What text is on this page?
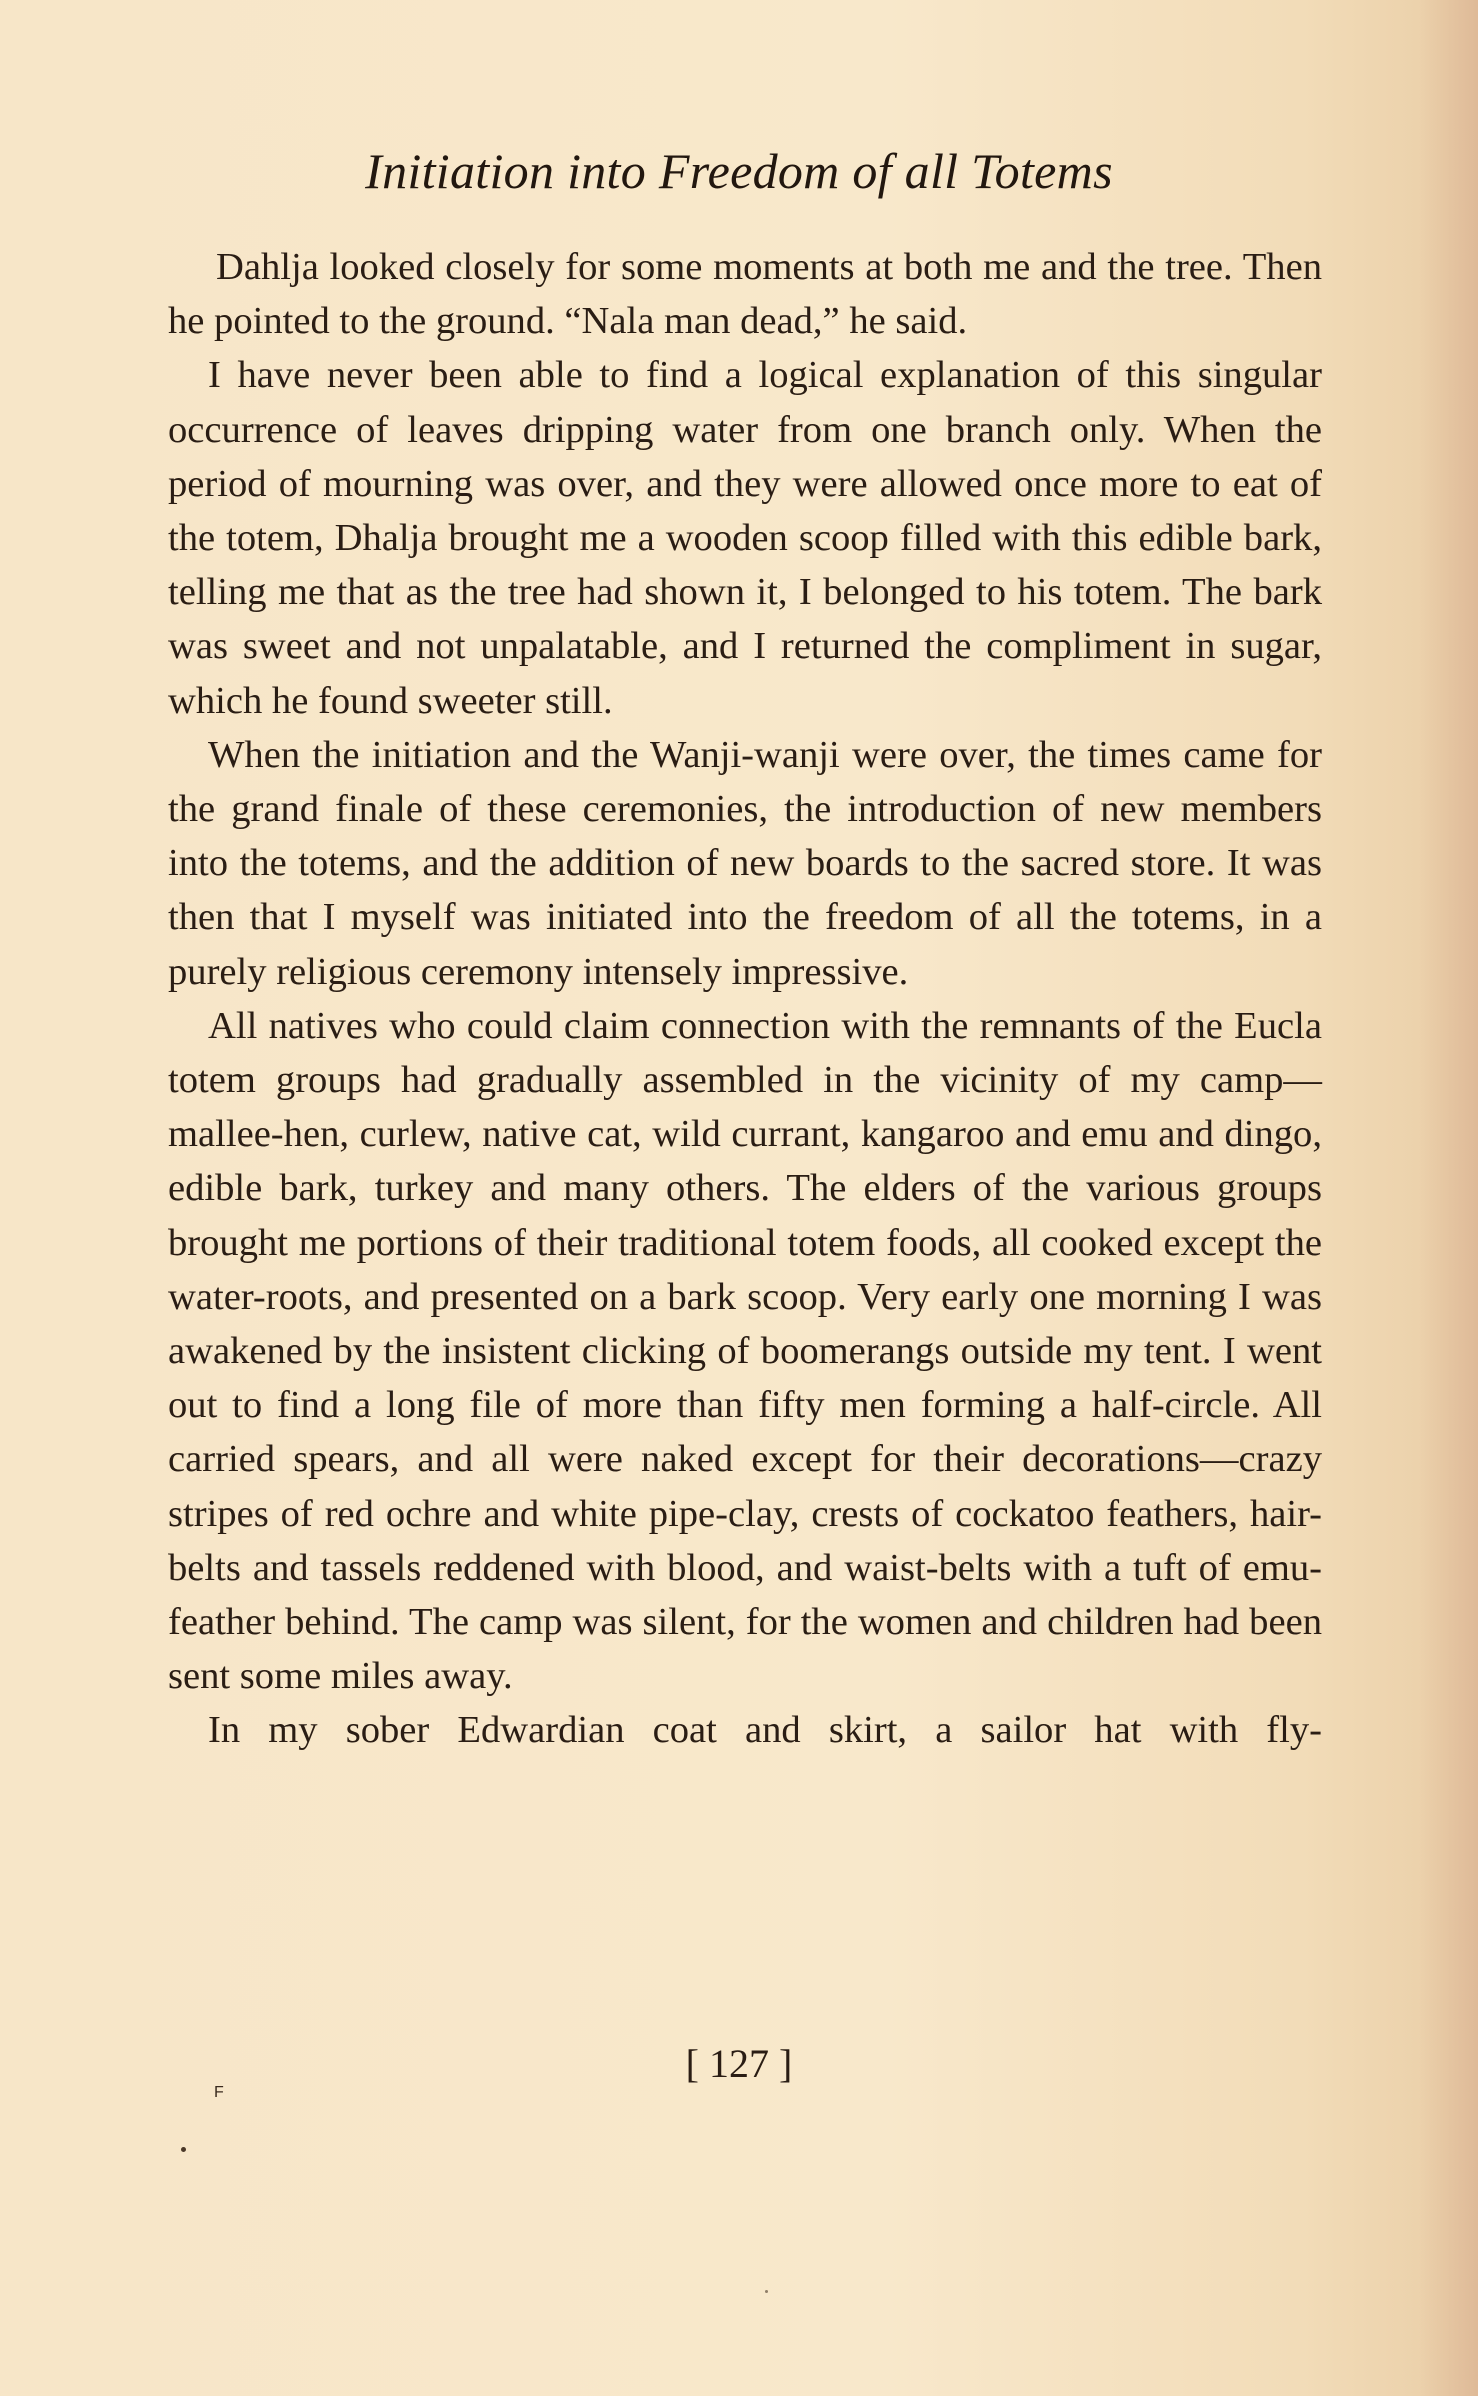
Initiation into Freedom of all Totems

Dahlja looked closely for some moments at both me and the tree. Then he pointed to the ground. “Nala man dead,” he said.

I have never been able to find a logical explanation of this singular occurrence of leaves dripping water from one branch only. When the period of mourning was over, and they were allowed once more to eat of the totem, Dhalja brought me a wooden scoop filled with this edible bark, telling me that as the tree had shown it, I belonged to his totem. The bark was sweet and not unpalatable, and I returned the compliment in sugar, which he found sweeter still.

When the initiation and the Wanji-wanji were over, the times came for the grand finale of these ceremonies, the introduction of new members into the totems, and the addition of new boards to the sacred store. It was then that I myself was initiated into the freedom of all the totems, in a purely religious ceremony intensely impressive.

All natives who could claim connection with the remnants of the Eucla totem groups had gradually assembled in the vicinity of my camp—mallee-hen, curlew, native cat, wild currant, kangaroo and emu and dingo, edible bark, turkey and many others. The elders of the various groups brought me portions of their traditional totem foods, all cooked except the water-roots, and presented on a bark scoop. Very early one morning I was awakened by the insistent clicking of boomerangs outside my tent. I went out to find a long file of more than fifty men forming a half-circle. All carried spears, and all were naked except for their decorations—crazy stripes of red ochre and white pipe-clay, crests of cockatoo feathers, hair-belts and tassels reddened with blood, and waist-belts with a tuft of emu-feather behind. The camp was silent, for the women and children had been sent some miles away.

In my sober Edwardian coat and skirt, a sailor hat with fly-

[ 127 ]
F
